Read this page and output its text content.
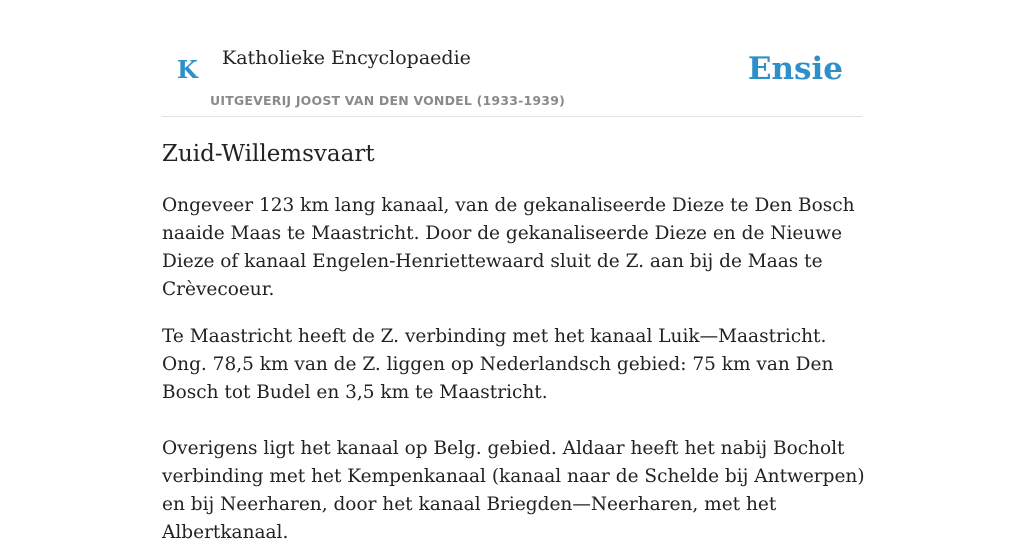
K Katholieke Encyclopaedie
UITGEVERIJ JOOST VAN DEN VONDEL (1933-1939)
Ensie
Zuid-Willemsvaart

Ongeveer 123 km lang kanaal, van de gekanaliseerde Dieze te Den Bosch naaide Maas te Maastricht. Door de gekanaliseerde Dieze en de Nieuwe Dieze of kanaal Engelen-Henriettewaard sluit de Z. aan bij de Maas te Crèvecoeur.

Te Maastricht heeft de Z. verbinding met het kanaal Luik—Maastricht. Ong. 78,5 km van de Z. liggen op Nederlandsch gebied: 75 km van Den Bosch tot Budel en 3,5 km te Maastricht.

Overigens ligt het kanaal op Belg. gebied. Aldaar heeft het nabij Bocholt verbinding met het Kempenkanaal (kanaal naar de Schelde bij Antwerpen) en bij Neerharen, door het kanaal Briegden—Neerharen, met het Albertkanaal.
